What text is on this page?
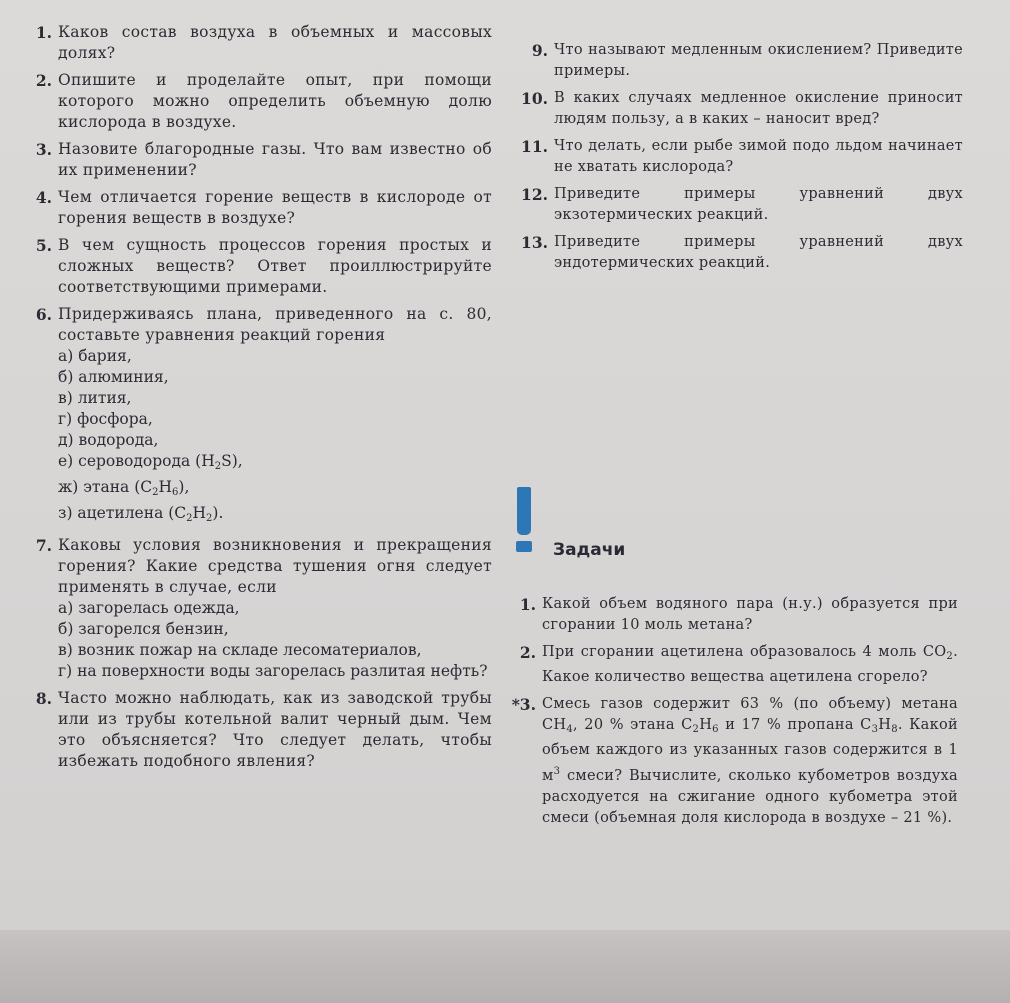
1. Каков состав воздуха в объемных и массовых долях?
2. Опишите и проделайте опыт, при помощи которого можно определить объемную долю кислорода в воздухе.
3. Назовите благородные газы. Что вам известно об их применении?
4. Чем отличается горение веществ в кислороде от горения веществ в воздухе?
5. В чем сущность процессов горения простых и сложных веществ? Ответ проиллюстрируйте соответствующими примерами.
6. Придерживаясь плана, приведенного на с. 80, составьте уравнения реакций горения
а) бария,
б) алюминия,
в) лития,
г) фосфора,
д) водорода,
е) сероводорода $(H_2S)$,
ж) этана $(C_2H_6)$,
з) ацетилена $(C_2H_2)$.
7. Каковы условия возникновения и прекращения горения? Какие средства тушения огня следует применять в случае, если
а) загорелась одежда,
б) загорелся бензин,
в) возник пожар на складе лесоматериалов,
г) на поверхности воды загорелась разлитая нефть?
8. Часто можно наблюдать, как из заводской трубы или из трубы котельной валит черный дым. Чем это объясняется? Что следует делать, чтобы избежать подобного явления?
9. Что называют медленным окислением? Приведите примеры.
10. В каких случаях медленное окисление приносит людям пользу, а в каких – наносит вред?
11. Что делать, если рыбе зимой подо льдом начинает не хватать кислорода?
12. Приведите примеры уравнений двух экзотермических реакций.
13. Приведите примеры уравнений двух эндотермических реакций.
Задачи
1. Какой объем водяного пара (н.у.) образуется при сгорании 10 моль метана?
2. При сгорании ацетилена образовалось 4 моль $CO_2$. Какое количество вещества ацетилена сгорело?
*3. Смесь газов содержит 63 % (по объему) метана $CH_4$, 20 % этана $C_2H_6$ и 17 % пропана $C_3H_8$. Какой объем каждого из указанных газов содержится в 1 $м^3$ смеси? Вычислите, сколько кубометров воздуха расходуется на сжигание одного кубометра этой смеси (объемная доля кислорода в воздухе – 21 %).
